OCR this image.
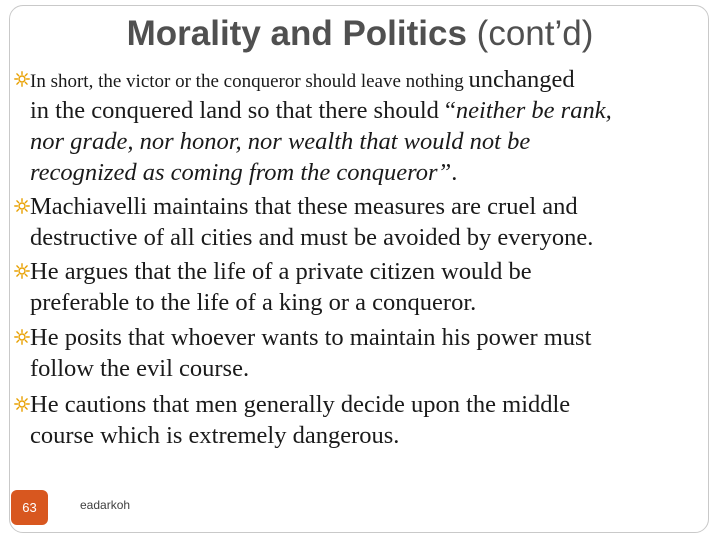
Morality and Politics (cont’d)
In short, the victor or the conqueror should leave nothing unchanged
in the conquered land so that there should “neither be rank,
nor grade, nor honor, nor wealth that would not be
recognized as coming from the conqueror”.
Machiavelli maintains that these measures are cruel and
destructive of all cities and must be avoided by everyone.
He argues that the life of a private citizen would be
preferable to the life of a king or a conqueror.
He posits that whoever wants to maintain his power must
follow the evil course.
He cautions that men generally decide upon the middle
course which is extremely dangerous.
63	eadarkoh
